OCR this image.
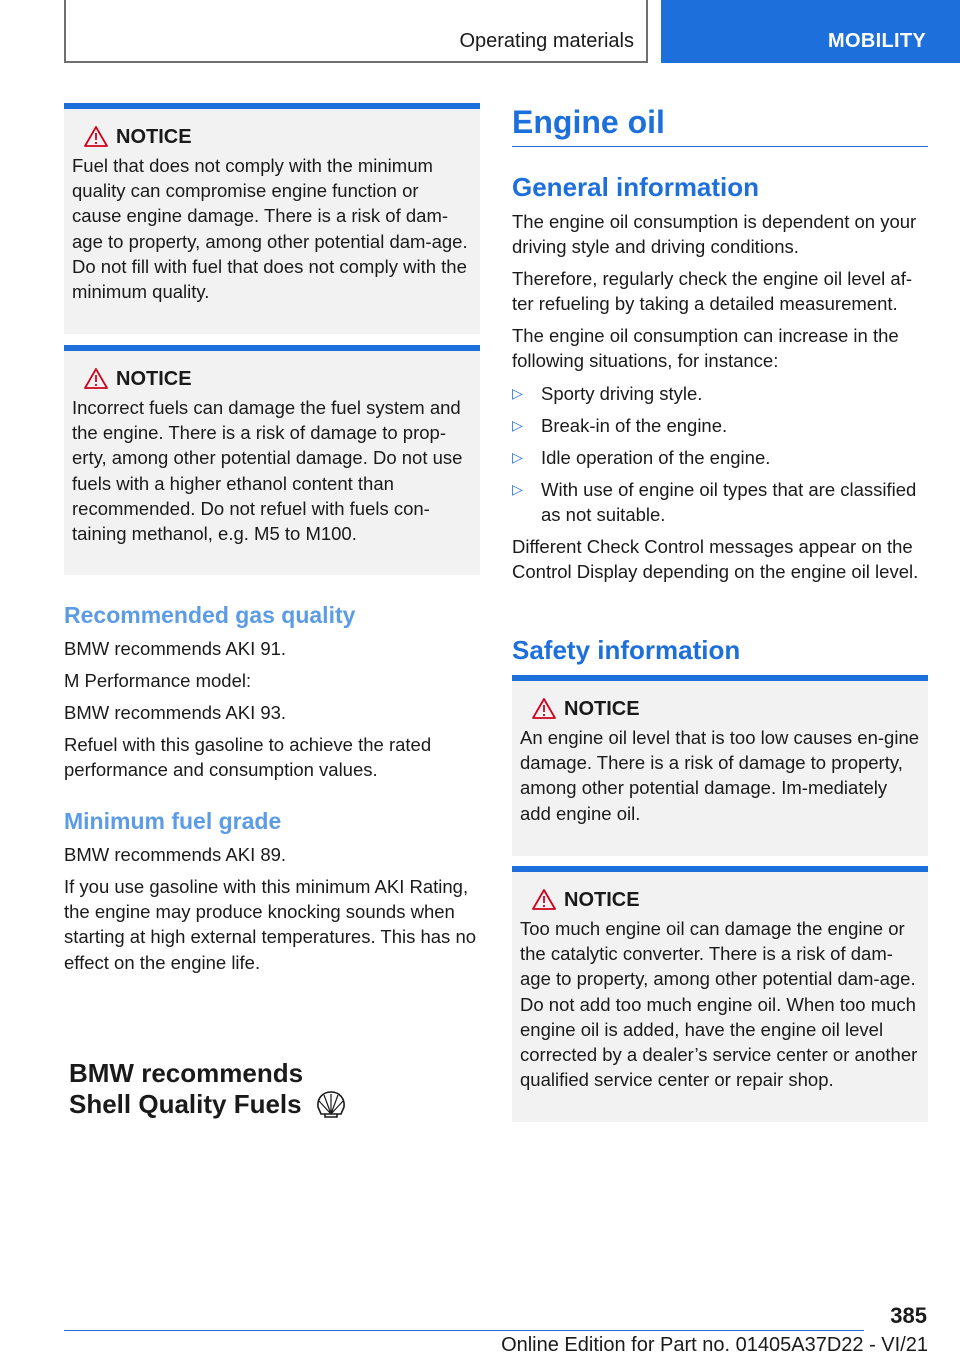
Operating materials	MOBILITY
NOTICE

Fuel that does not comply with the minimum quality can compromise engine function or cause engine damage. There is a risk of dam‐age to property, among other potential dam‐age. Do not fill with fuel that does not comply with the minimum quality.

NOTICE

Incorrect fuels can damage the fuel system and the engine. There is a risk of damage to prop‐erty, among other potential damage. Do not use fuels with a higher ethanol content than recommended. Do not refuel with fuels con‐taining methanol, e.g. M5 to M100.

Recommended gas quality

BMW recommends AKI 91.

M Performance model:

BMW recommends AKI 93.

Refuel with this gasoline to achieve the rated performance and consumption values.

Minimum fuel grade

BMW recommends AKI 89.

If you use gasoline with this minimum AKI Rating, the engine may produce knocking sounds when starting at high external temperatures. This has no effect on the engine life.

BMW recommends
Shell Quality Fuels
Engine oil
General information

The engine oil consumption is dependent on your driving style and driving conditions.

Therefore, regularly check the engine oil level af‐ter refueling by taking a detailed measurement.

The engine oil consumption can increase in the following situations, for instance:

▷ Sporty driving style.
▷ Break-in of the engine.
▷ Idle operation of the engine.
▷ With use of engine oil types that are classified as not suitable.

Different Check Control messages appear on the Control Display depending on the engine oil level.

Safety information
NOTICE

An engine oil level that is too low causes en‐gine damage. There is a risk of damage to property, among other potential damage. Im‐mediately add engine oil.

NOTICE

Too much engine oil can damage the engine or the catalytic converter. There is a risk of dam‐age to property, among other potential dam‐age. Do not add too much engine oil. When too much engine oil is added, have the engine oil level corrected by a dealer’s service center or another qualified service center or repair shop.

385
Online Edition for Part no. 01405A37D22 - VI/21
